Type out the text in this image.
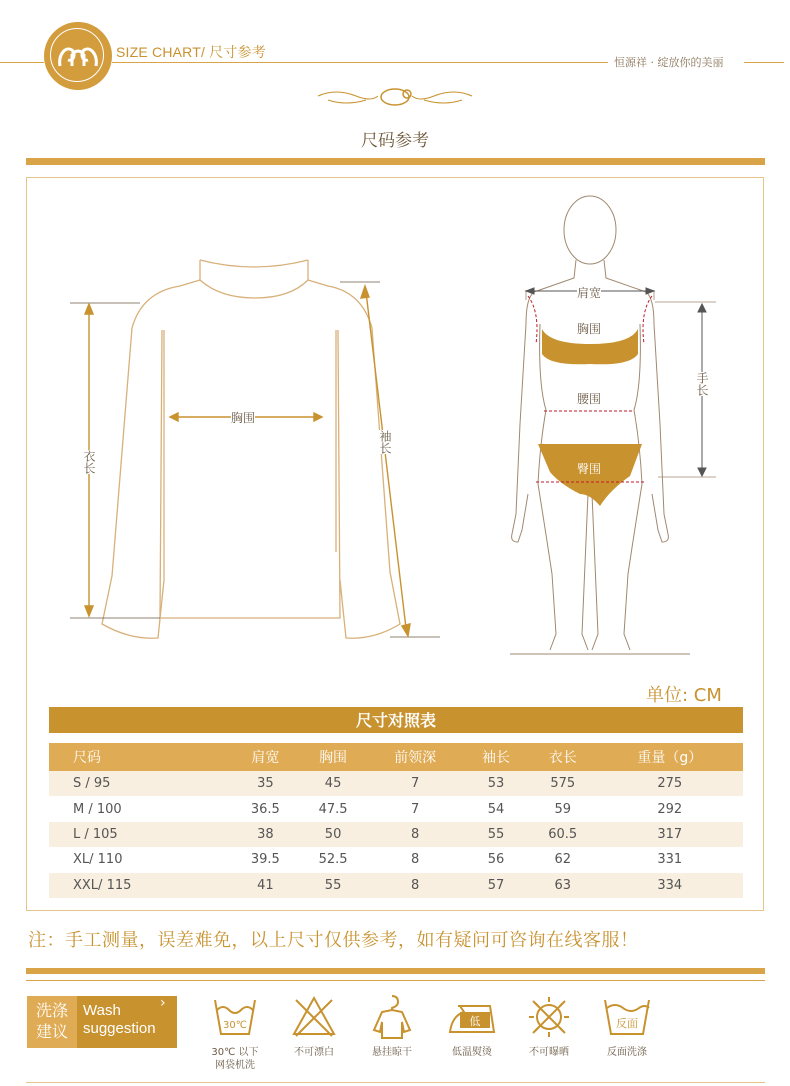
SIZE CHART/ 尺寸参考
恒源祥 · 绽放你的美丽
尺码参考
胸围
衣长
袖长
肩宽
胸围
腰围
臀围
手长
单位: CM
尺寸对照表
尺码	肩宽	胸围	前领深	袖长	衣长	重量（g）
S / 95	35	45	7	53	575	275
M / 100	36.5	47.5	7	54	59	292
L / 105	38	50	8	55	60.5	317
XL/ 110	39.5	52.5	8	56	62	331
XXL/ 115	41	55	8	57	63	334
注：手工测量，误差难免，以上尺寸仅供参考，如有疑问可咨询在线客服！
洗涤
建议
Wash
suggestion
›
30℃
30℃ 以下
网袋机洗
不可漂白	悬挂晾干
低
低温熨烫	不可曝晒
反面
反面洗涤
